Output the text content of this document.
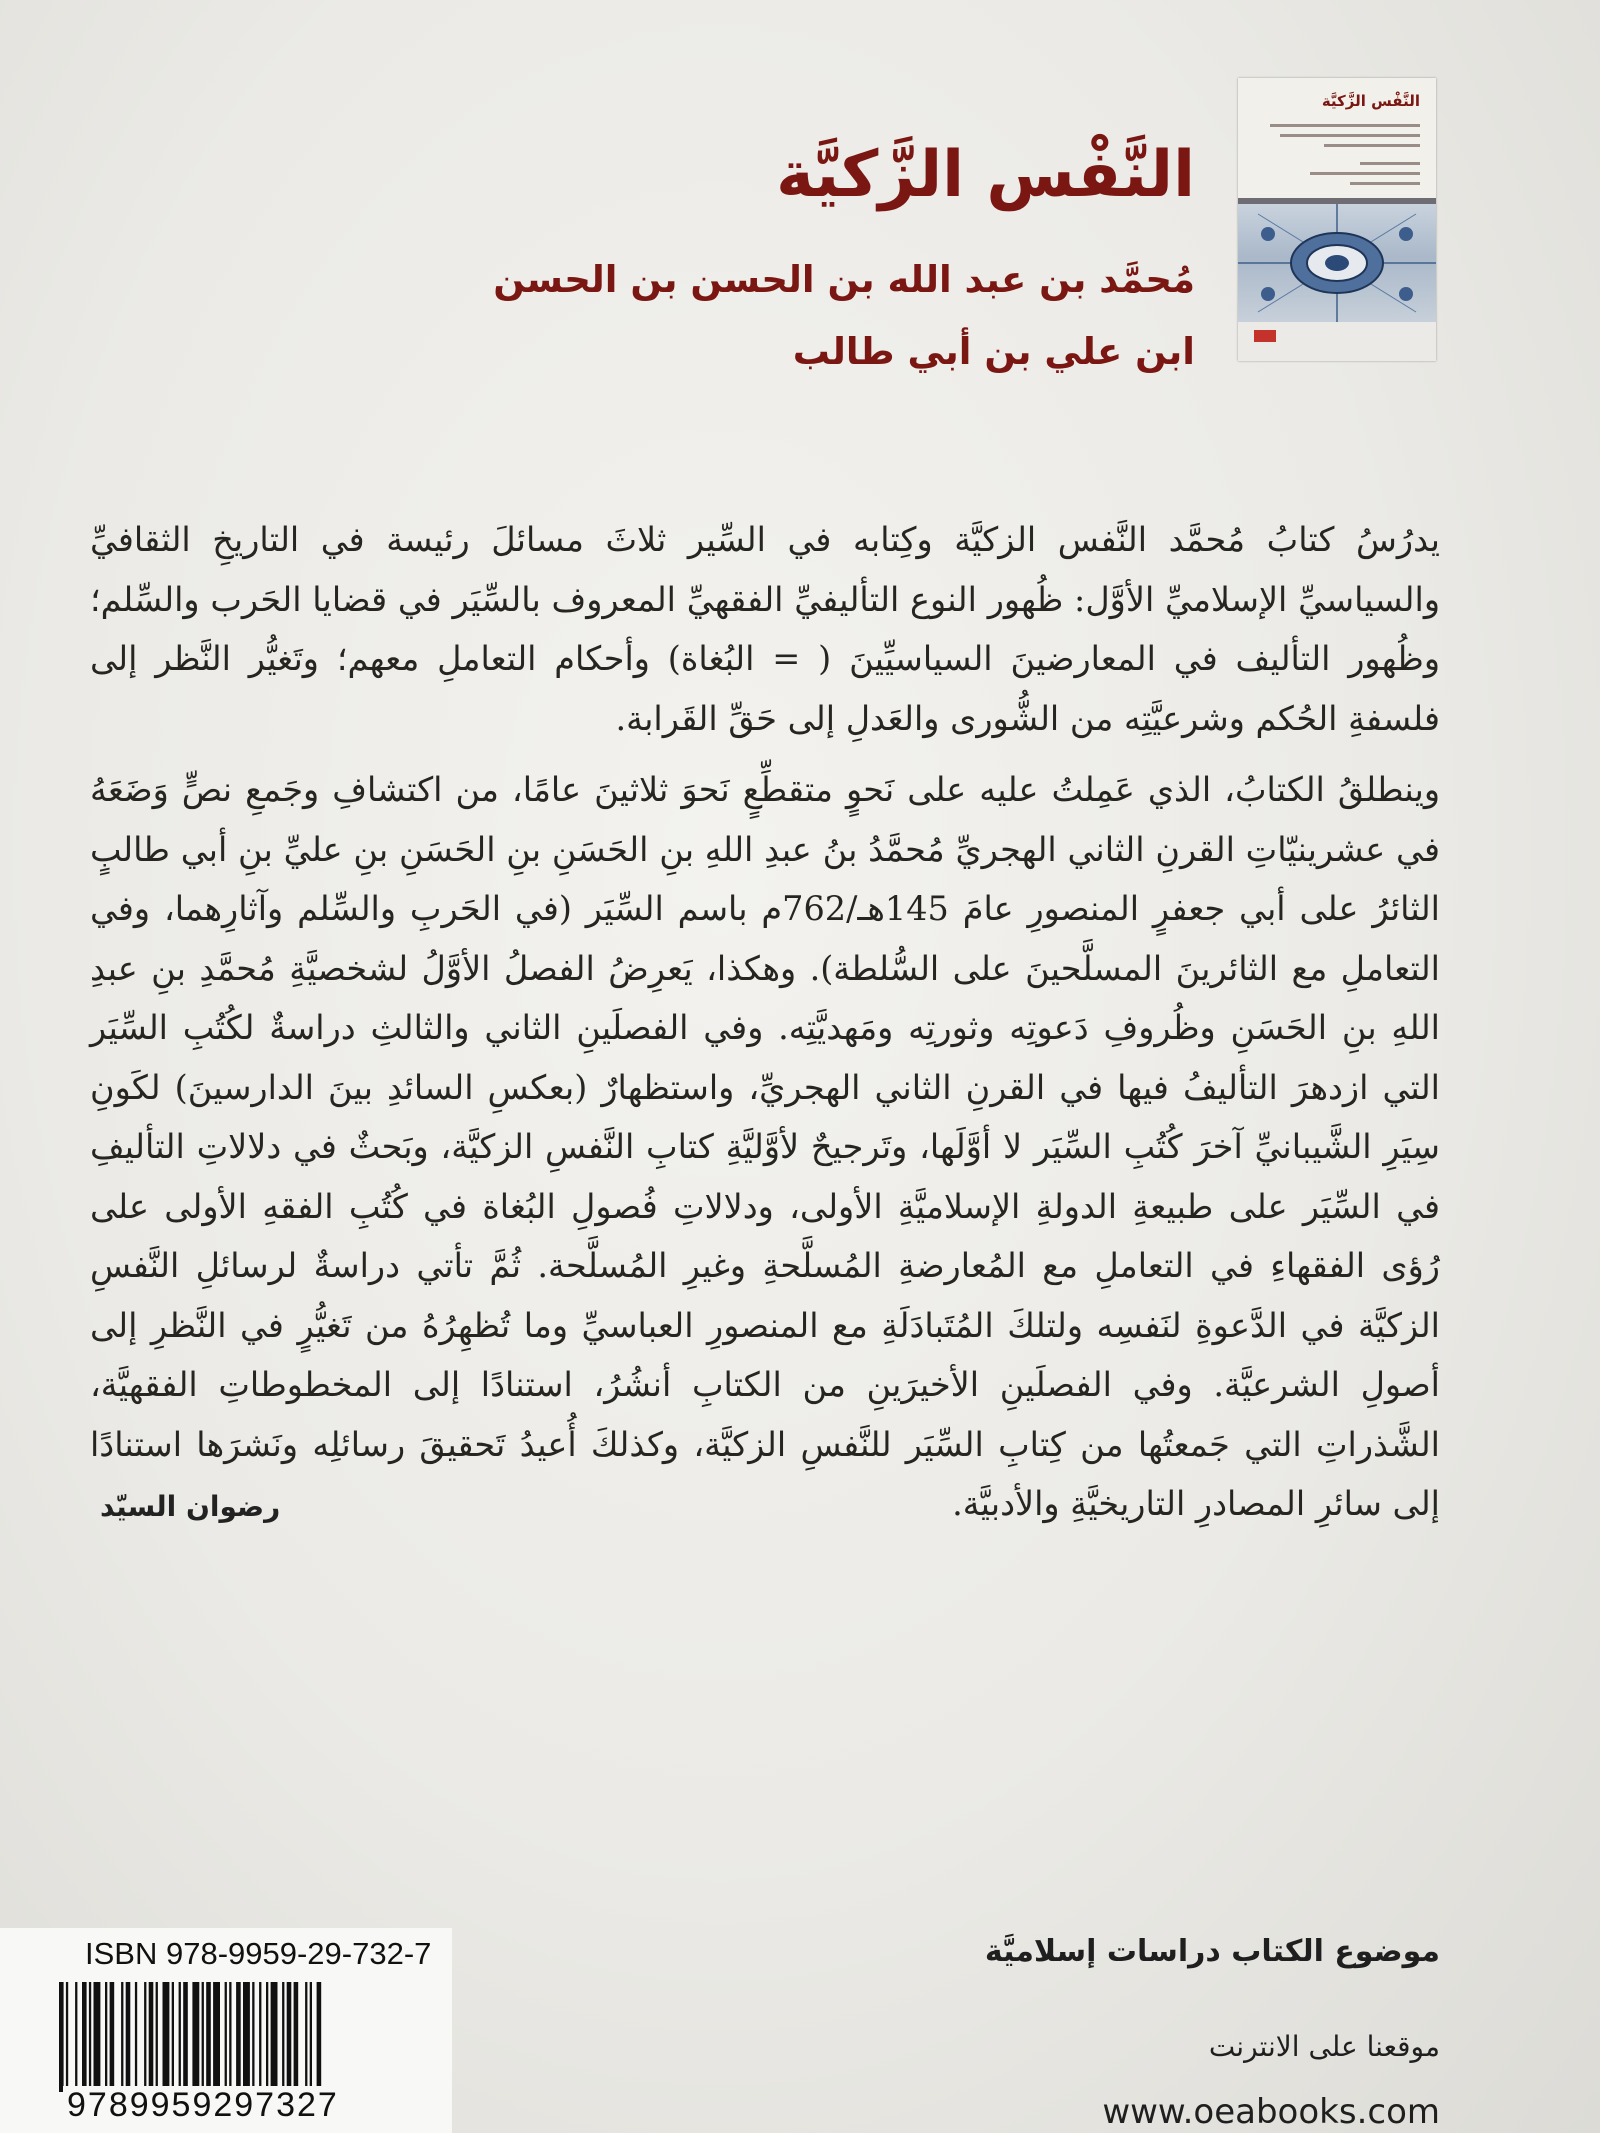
النَّفْس الزَّكيَّة
مُحمَّد بن عبد الله بن الحسن بن الحسن
ابن علي بن أبي طالب
النَّفْس الزَّكيَّة
يدرُسُ كتابُ مُحمَّد النَّفس الزكيَّة وكِتابه في السِّير ثلاثَ مسائلَ رئيسة في التاريخِ الثقافيِّ والسياسيِّ الإسلاميِّ الأوَّل: ظُهور النوع التأليفيِّ الفقهيِّ المعروف بالسِّيَر في قضايا الحَرب والسِّلم؛ وظُهور التأليف في المعارضينَ السياسيِّينَ ( = البُغاة) وأحكام التعاملِ معهم؛ وتَغيُّر النَّظر إلى فلسفةِ الحُكم وشرعيَّتِه من الشُّورى والعَدلِ إلى حَقِّ القَرابة.
وينطلقُ الكتابُ، الذي عَمِلتُ عليه على نَحوٍ متقطِّعٍ نَحوَ ثلاثينَ عامًا، من اكتشافِ وجَمعِ نصٍّ وَضَعَهُ في عشرينيّاتِ القرنِ الثاني الهجريِّ مُحمَّدُ بنُ عبدِ اللهِ بنِ الحَسَنِ بنِ الحَسَنِ بنِ عليِّ بنِ أبي طالبٍ الثائرُ على أبي جعفرٍ المنصورِ عامَ 145هـ/762م باسم السِّيَر (في الحَربِ والسِّلم وآثارِهما، وفي التعاملِ مع الثائرينَ المسلَّحينَ على السُّلطة). وهكذا، يَعرِضُ الفصلُ الأوَّلُ لشخصيَّةِ مُحمَّدِ بنِ عبدِ اللهِ بنِ الحَسَنِ وظُروفِ دَعوتِه وثورتِه ومَهديَّتِه. وفي الفصلَينِ الثاني والثالثِ دراسةٌ لكُتُبِ السِّيَر التي ازدهرَ التأليفُ فيها في القرنِ الثاني الهجريِّ، واستظهارٌ (بعكسِ السائدِ بينَ الدارسينَ) لكَونِ سِيَرِ الشَّيبانيِّ آخرَ كُتُبِ السِّيَر لا أوَّلَها، وتَرجيحٌ لأوَّليَّةِ كتابِ النَّفسِ الزكيَّة، وبَحثٌ في دلالاتِ التأليفِ في السِّيَر على طبيعةِ الدولةِ الإسلاميَّةِ الأولى، ودلالاتِ فُصولِ البُغاة في كُتُبِ الفقهِ الأولى على رُؤى الفقهاءِ في التعاملِ مع المُعارضةِ المُسلَّحةِ وغيرِ المُسلَّحة. ثُمَّ تأتي دراسةٌ لرسائلِ النَّفسِ الزكيَّة في الدَّعوةِ لنَفسِه ولتلكَ المُتَبادَلَةِ مع المنصورِ العباسيِّ وما تُظهِرُهُ من تَغيُّرٍ في النَّظرِ إلى أصولِ الشرعيَّة. وفي الفصلَينِ الأخيرَينِ من الكتابِ أنشُرُ، استنادًا إلى المخطوطاتِ الفقهيَّة، الشَّذراتِ التي جَمعتُها من كِتابِ السِّيَر للنَّفسِ الزكيَّة، وكذلكَ أُعيدُ تَحقيقَ رسائلِه ونَشرَها استنادًا إلى سائرِ المصادرِ التاريخيَّةِ والأدبيَّة.
رضوان السيّد
موضوع الكتاب دراسات إسلاميَّة
موقعنا على الانترنت
www.oeabooks.com
ISBN 978-9959-29-732-7
9789959297327
